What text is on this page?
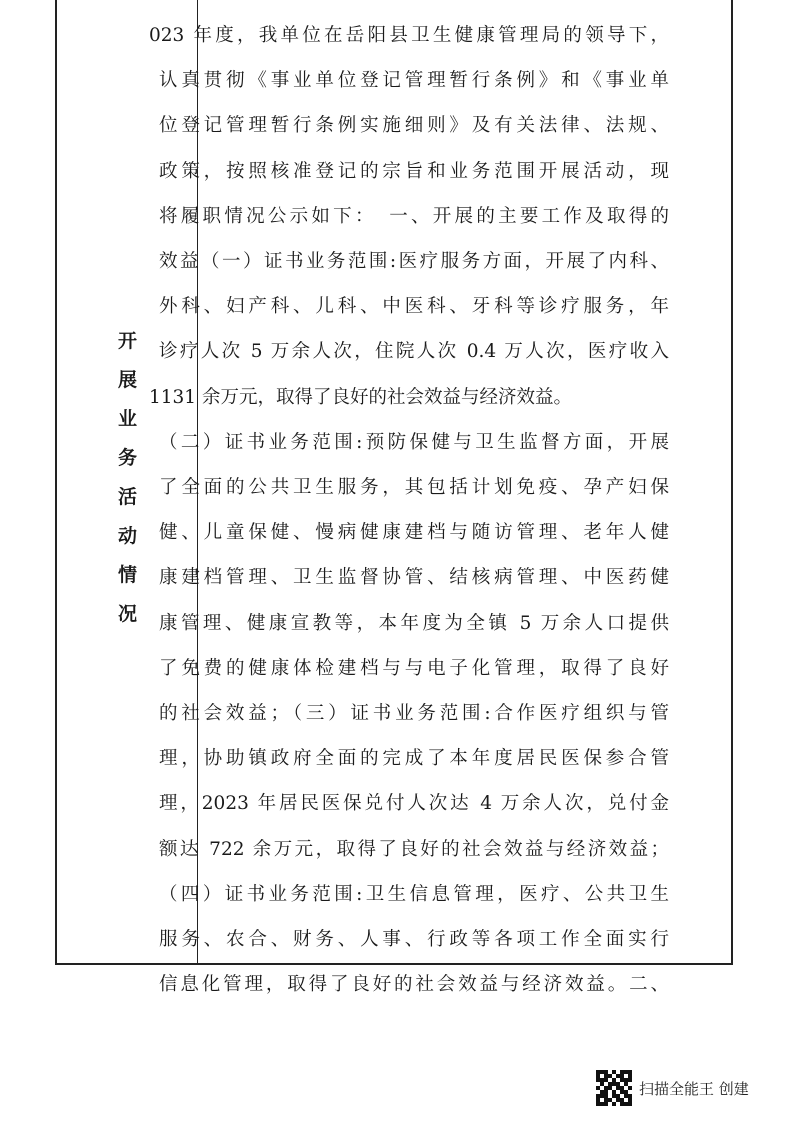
开
展
业
务
活
动
情
况

023 年度，我单位在岳阳县卫生健康管理局的领导下，

认真贯彻《事业单位登记管理暂行条例》和《事业单

位登记管理暂行条例实施细则》及有关法律、法规、

政策，按照核准登记的宗旨和业务范围开展活动，现

将履职情况公示如下：　一、开展的主要工作及取得的

效益（一）证书业务范围:医疗服务方面，开展了内科、

外科、妇产科、儿科、中医科、牙科等诊疗服务，年

诊疗人次 5 万余人次，住院人次 0.4 万人次，医疗收入

1131 余万元，取得了良好的社会效益与经济效益。

（二）证书业务范围:预防保健与卫生监督方面，开展

了全面的公共卫生服务，其包括计划免疫、孕产妇保

健、儿童保健、慢病健康建档与随访管理、老年人健

康建档管理、卫生监督协管、结核病管理、中医药健

康管理、健康宣教等，本年度为全镇 5 万余人口提供

了免费的健康体检建档与与电子化管理，取得了良好

的社会效益；（三）证书业务范围:合作医疗组织与管

理，协助镇政府全面的完成了本年度居民医保参合管

理，2023 年居民医保兑付人次达 4 万余人次，兑付金

额达 722 余万元，取得了良好的社会效益与经济效益；

（四）证书业务范围:卫生信息管理，医疗、公共卫生

服务、农合、财务、人事、行政等各项工作全面实行

信息化管理，取得了良好的社会效益与经济效益。二、

扫描全能王 创建
